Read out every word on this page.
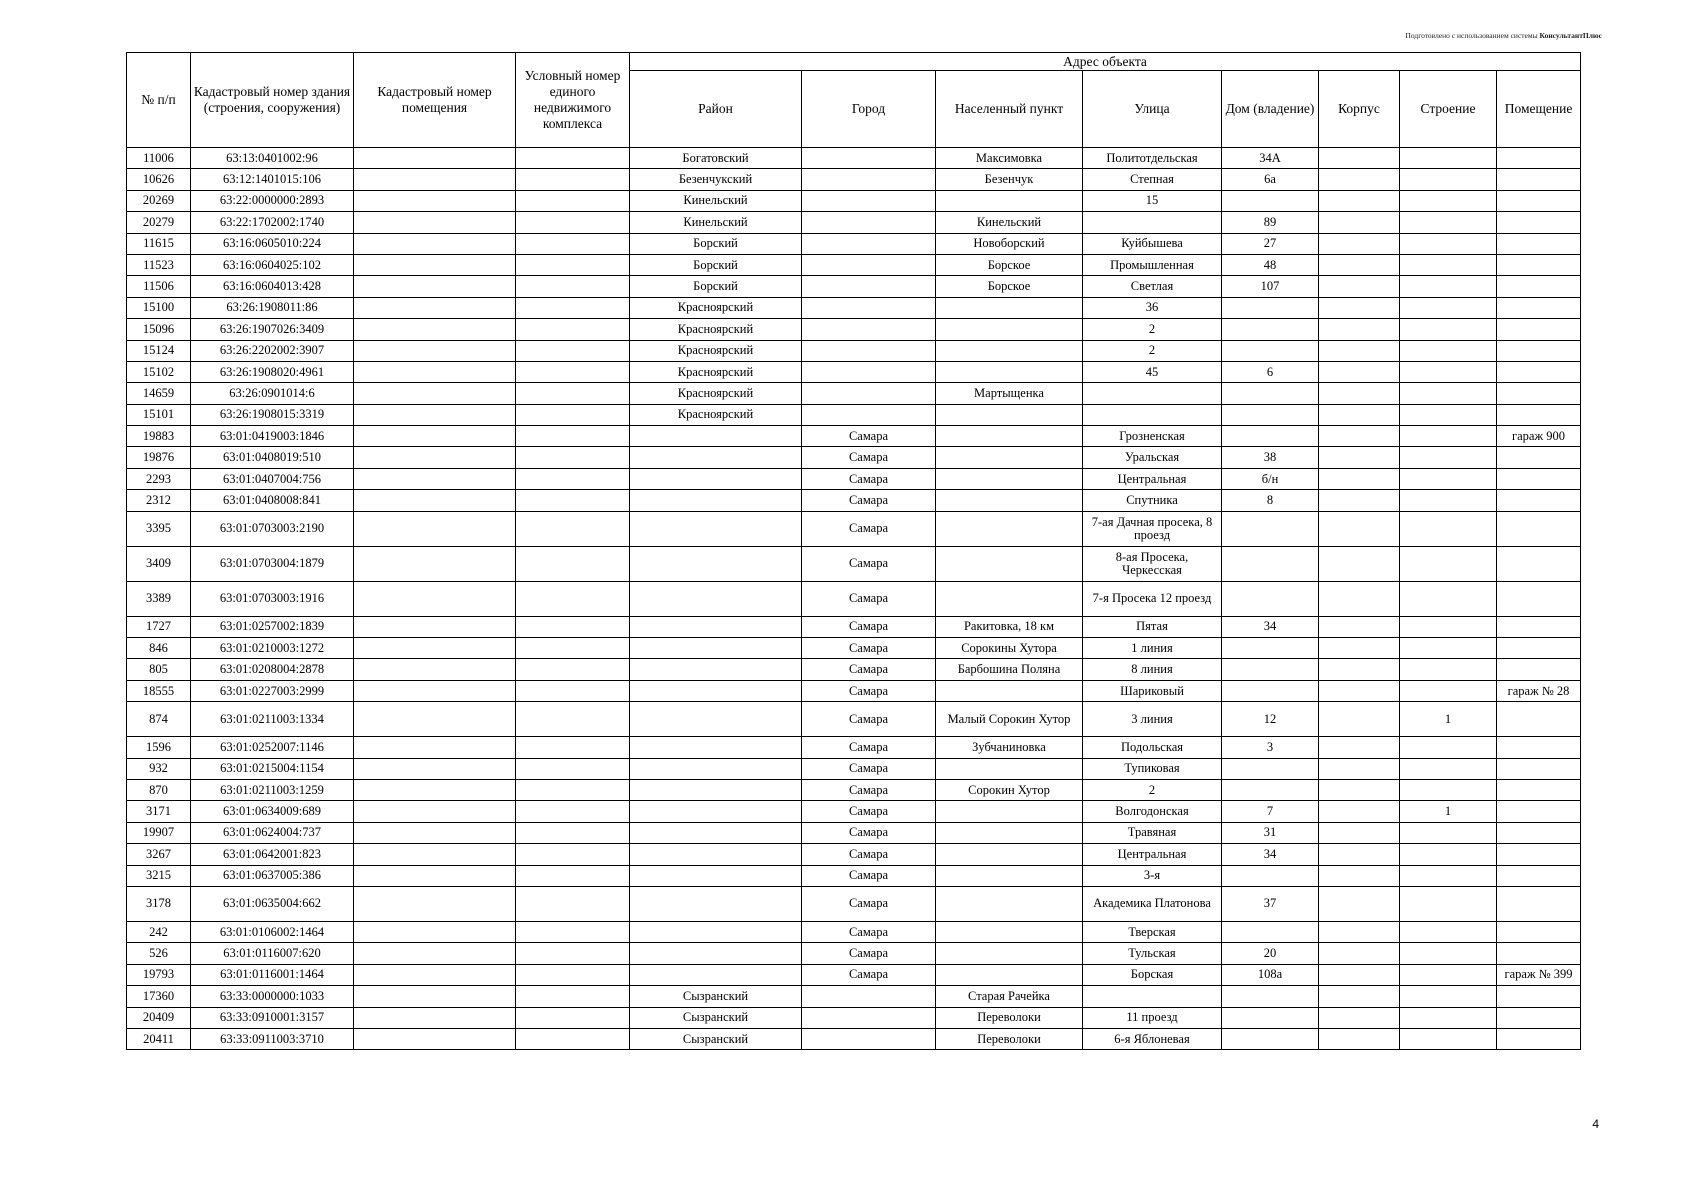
Подготовлено с использованием системы КонсультантПлюс
№ п/п	Кадастровый номер здания (строения, сооружения)	Кадастровый номер помещения	Условный номер единого недвижимого комплекса	Адрес объекта							
				Район	Город	Населенный пункт	Улица	Дом (владение)	Корпус	Строение	Помещение
11006	63:13:0401002:96			Богатовский		Максимовка	Политотдельская	34А			
10626	63:12:1401015:106			Безенчукский		Безенчук	Степная	6а			
20269	63:22:0000000:2893			Кинельский			15				
20279	63:22:1702002:1740			Кинельский		Кинельский		89			
11615	63:16:0605010:224			Борский		Новоборский	Куйбышева	27			
11523	63:16:0604025:102			Борский		Борское	Промышленная	48			
11506	63:16:0604013:428			Борский		Борское	Светлая	107			
15100	63:26:1908011:86			Красноярский			36				
15096	63:26:1907026:3409			Красноярский			2				
15124	63:26:2202002:3907			Красноярский			2				
15102	63:26:1908020:4961			Красноярский			45	6			
14659	63:26:0901014:6			Красноярский		Мартыщенка					
15101	63:26:1908015:3319			Красноярский							
19883	63:01:0419003:1846				Самара		Грозненская				гараж 900
19876	63:01:0408019:510				Самара		Уральская	38			
2293	63:01:0407004:756				Самара		Центральная	б/н			
2312	63:01:0408008:841				Самара		Спутника	8			
3395	63:01:0703003:2190				Самара		7-ая Дачная просека, 8 проезд				
3409	63:01:0703004:1879				Самара		8-ая Просека, Черкесская				
3389	63:01:0703003:1916				Самара		7-я Просека 12 проезд				
1727	63:01:0257002:1839				Самара	Ракитовка, 18 км	Пятая	34			
846	63:01:0210003:1272				Самара	Сорокины Хутора	1 линия				
805	63:01:0208004:2878				Самара	Барбошина Поляна	8 линия				
18555	63:01:0227003:2999				Самара		Шариковый				гараж № 28
874	63:01:0211003:1334				Самара	Малый Сорокин Хутор	3 линия	12		1	
1596	63:01:0252007:1146				Самара	Зубчаниновка	Подольская	3			
932	63:01:0215004:1154				Самара		Тупиковая				
870	63:01:0211003:1259				Самара	Сорокин Хутор	2				
3171	63:01:0634009:689				Самара		Волгодонская	7		1	
19907	63:01:0624004:737				Самара		Травяная	31			
3267	63:01:0642001:823				Самара		Центральная	34			
3215	63:01:0637005:386				Самара		3-я				
3178	63:01:0635004:662				Самара		Академика Платонова	37			
242	63:01:0106002:1464				Самара		Тверская				
526	63:01:0116007:620				Самара		Тульская	20			
19793	63:01:0116001:1464				Самара		Борская	108а			гараж № 399
17360	63:33:0000000:1033			Сызранский		Старая Рачейка					
20409	63:33:0910001:3157			Сызранский		Переволоки	11 проезд				
20411	63:33:0911003:3710			Сызранский		Переволоки	6-я Яблоневая				
4
